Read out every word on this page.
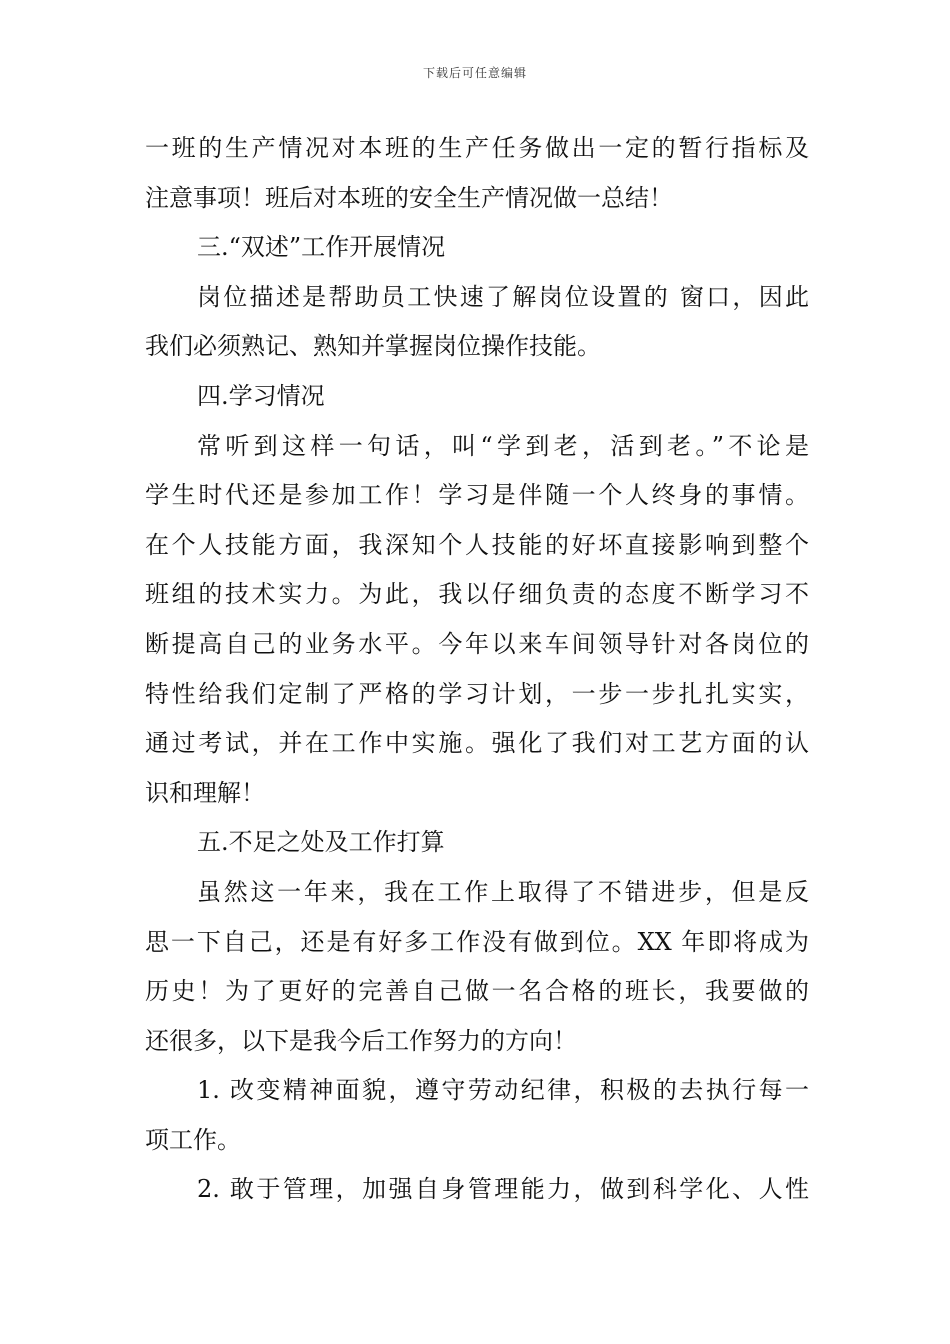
下载后可任意编辑
一班的生产情况对本班的生产任务做出一定的暂行指标及
注意事项！班后对本班的安全生产情况做一总结！
三.“双述”工作开展情况
岗位描述是帮助员工快速了解岗位设置的 窗口，因此
我们必须熟记、熟知并掌握岗位操作技能。
四.学习情况
常听到这样一句话，叫“学到老，活到老。”不论是
学生时代还是参加工作！学习是伴随一个人终身的事情。
在个人技能方面，我深知个人技能的好坏直接影响到整个
班组的技术实力。为此，我以仔细负责的态度不断学习不
断提高自己的业务水平。今年以来车间领导针对各岗位的
特性给我们定制了严格的学习计划，一步一步扎扎实实，
通过考试，并在工作中实施。强化了我们对工艺方面的认
识和理解！
五.不足之处及工作打算
虽然这一年来，我在工作上取得了不错进步，但是反
思一下自己，还是有好多工作没有做到位。XX 年即将成为
历史！为了更好的完善自己做一名合格的班长，我要做的
还很多，以下是我今后工作努力的方向！
1. 改变精神面貌，遵守劳动纪律，积极的去执行每一
项工作。
2. 敢于管理，加强自身管理能力，做到科学化、人性
